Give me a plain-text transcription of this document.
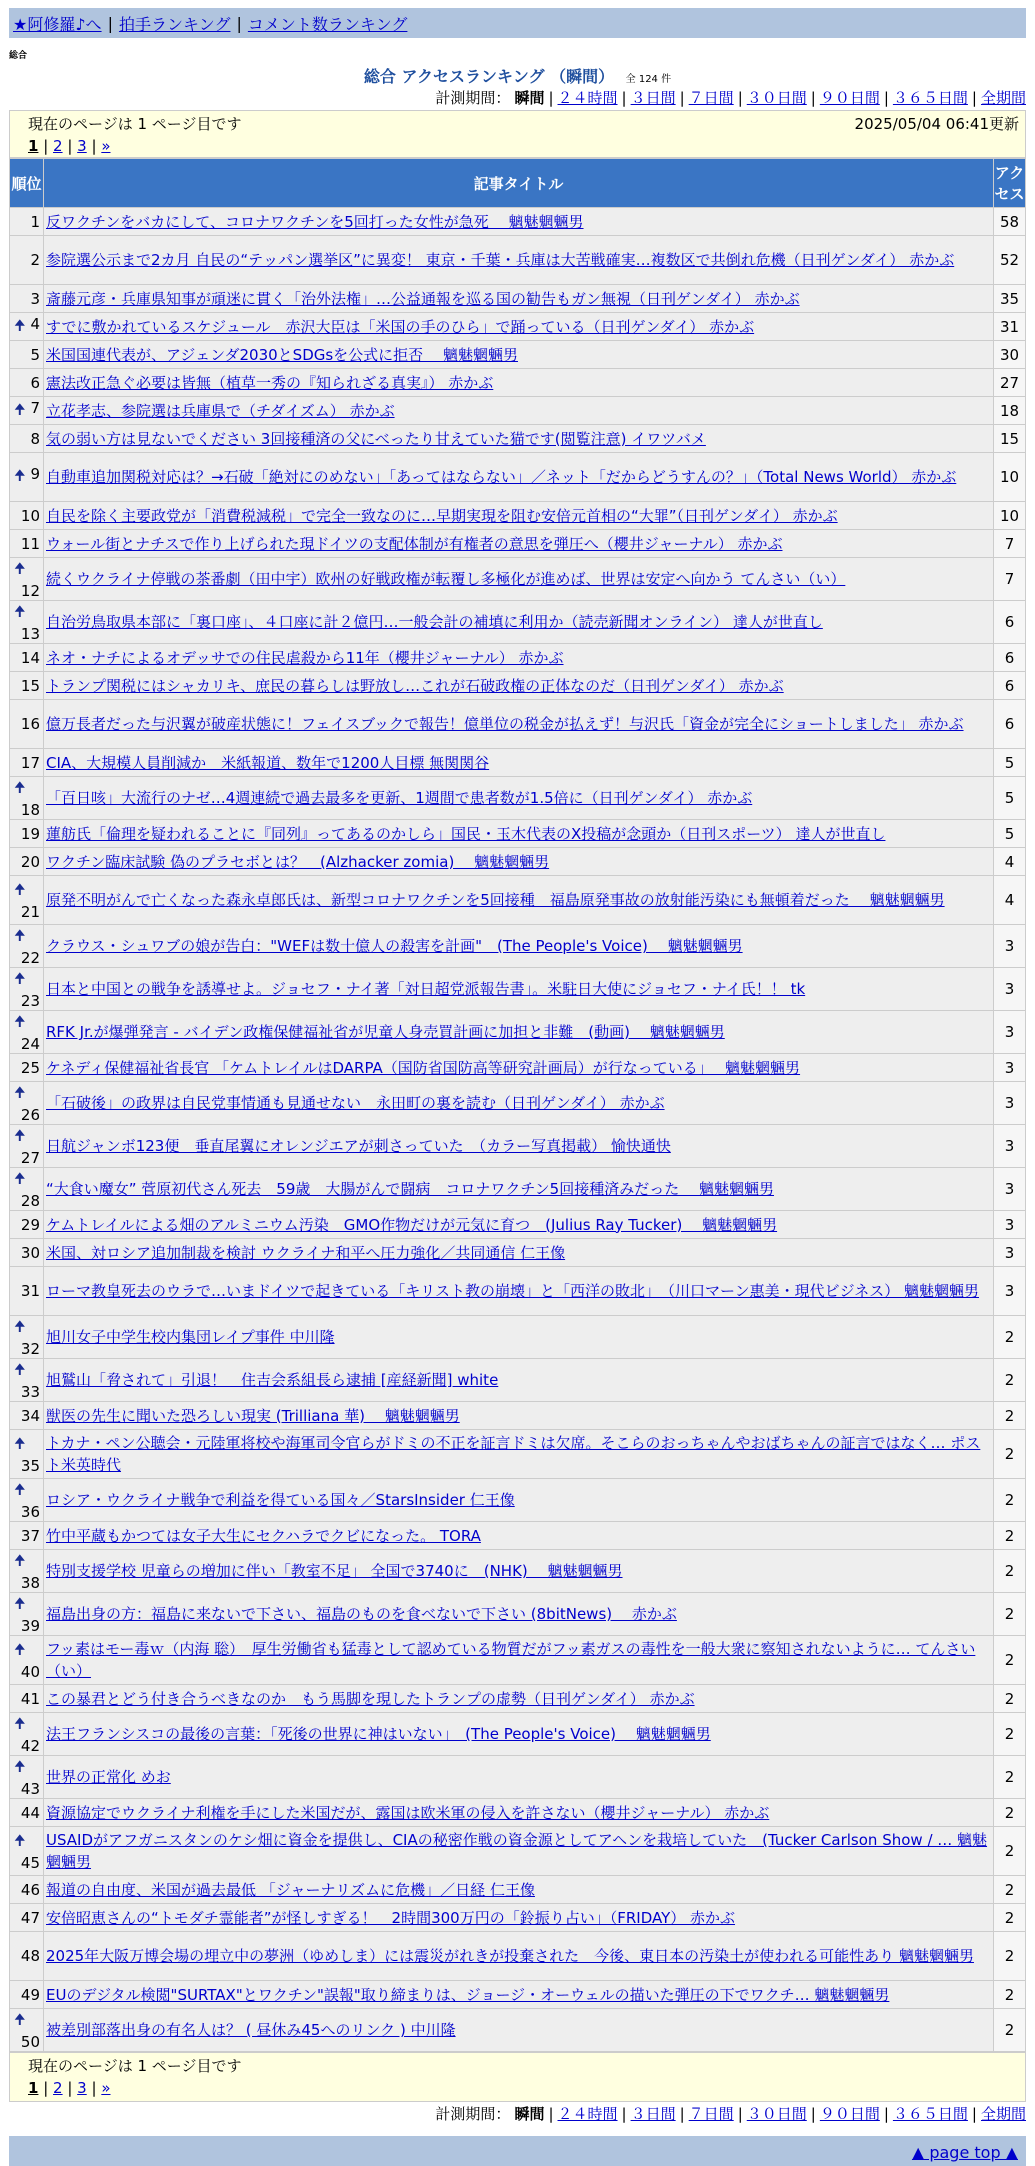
★阿修羅♪へ | 拍手ランキング | コメント数ランキング
総合
総合 アクセスランキング （瞬間） 全 124 件
計測期間： 瞬間 | ２４時間 | ３日間 | ７日間 | ３０日間 | ９０日間 | ３６５日間 | 全期間
現在のページは 1 ページ目です	2025/05/04 06:41更新
1 | 2 | 3 | »
順位	記事タイトル	アクセス
1	反ワクチンをバカにして、コロナワクチンを5回打った女性が急死　 魑魅魍魎男	58
2	参院選公示まで2カ月 自民の“テッパン選挙区”に異変！ 東京・千葉・兵庫は大苦戦確実…複数区で共倒れ危機（日刊ゲンダイ） 赤かぶ	52
3	斎藤元彦・兵庫県知事が頑迷に貫く「治外法権」…公益通報を巡る国の勧告もガン無視（日刊ゲンダイ） 赤かぶ	35

🠉 4	すでに敷かれているスケジュール　赤沢大臣は「米国の手のひら」で踊っている（日刊ゲンダイ） 赤かぶ	31
5	米国国連代表が、アジェンダ2030とSDGsを公式に拒否　 魑魅魍魎男	30
6	憲法改正急ぐ必要は皆無（植草一秀の『知られざる真実』） 赤かぶ	27

🠉 7	立花孝志、参院選は兵庫県で（チダイズム） 赤かぶ	18
8	気の弱い方は見ないでください 3回接種済の父にべったり甘えていた猫です(閲覧注意) イワツバメ	15

🠉 9	自動車追加関税対応は？→石破「絶対にのめない」「あってはならない」／ネット「だからどうすんの？」（Total News World） 赤かぶ	10
10	自民を除く主要政党が「消費税減税」で完全一致なのに…早期実現を阻む安倍元首相の“大罪”（日刊ゲンダイ） 赤かぶ	10
11	ウォール街とナチスで作り上げられた現ドイツの支配体制が有権者の意思を弾圧へ（櫻井ジャーナル） 赤かぶ	7

🠉
12	続くウクライナ停戦の茶番劇（田中宇）欧州の好戦政権が転覆し多極化が進めば、世界は安定へ向かう てんさい（い）	7

🠉
13	自治労鳥取県本部に「裏口座」、４口座に計２億円…一般会計の補填に利用か（読売新聞オンライン） 達人が世直し	6
14	ネオ・ナチによるオデッサでの住民虐殺から11年（櫻井ジャーナル） 赤かぶ	6
15	トランプ関税にはシャカリキ、庶民の暮らしは野放し…これが石破政権の正体なのだ（日刊ゲンダイ） 赤かぶ	6
16	億万長者だった与沢翼が破産状態に！フェイスブックで報告！億単位の税金が払えず！与沢氏「資金が完全にショートしました」 赤かぶ	6
17	CIA、大規模人員削減か　米紙報道、数年で1200人目標 無関関谷	5

🠉
18	「百日咳」大流行のナゼ…4週連続で過去最多を更新、1週間で患者数が1.5倍に（日刊ゲンダイ） 赤かぶ	5
19	蓮舫氏「倫理を疑われることに『同列』ってあるのかしら」国民・玉木代表のX投稿が念頭か（日刊スポーツ） 達人が世直し	5
20	ワクチン臨床試験 偽のプラセボとは？　(Alzhacker zomia)　 魑魅魍魎男	4

🠉
21	原発不明がんで亡くなった森永卓郎氏は、新型コロナワクチンを5回接種　福島原発事故の放射能汚染にも無頓着だった　 魑魅魍魎男	4

🠉
22	クラウス・シュワブの娘が告白："WEFは数十億人の殺害を計画"　(The People's Voice)　 魑魅魍魎男	3

🠉
23	日本と中国との戦争を誘導せよ。ジョセフ・ナイ著「対日超党派報告書」。米駐日大使にジョセフ・ナイ氏！！ tk	3

🠉
24	RFK Jr.が爆弾発言 - バイデン政権保健福祉省が児童人身売買計画に加担と非難　(動画)　 魑魅魍魎男	3
25	ケネディ保健福祉省長官 「ケムトレイルはDARPA（国防省国防高等研究計画局）が行なっている」　 魑魅魍魎男	3

🠉
26	「石破後」の政界は自民党事情通も見通せない　永田町の裏を読む（日刊ゲンダイ） 赤かぶ	3

🠉
27	日航ジャンボ123便　垂直尾翼にオレンジエアが刺さっていた　（カラー写真掲載） 愉快通快	3

🠉
28	“大食い魔女” 菅原初代さん死去　59歳　大腸がんで闘病　コロナワクチン5回接種済みだった　 魑魅魍魎男	3
29	ケムトレイルによる畑のアルミニウム汚染　GMO作物だけが元気に育つ　(Julius Ray Tucker)　 魑魅魍魎男	3
30	米国、対ロシア追加制裁を検討 ウクライナ和平へ圧力強化／共同通信 仁王像	3
31	ローマ教皇死去のウラで…いまドイツで起きている「キリスト教の崩壊」と「西洋の敗北」　（川口マーン惠美・現代ビジネス） 魑魅魍魎男	3

🠉
32	旭川女子中学生校内集団レイプ事件 中川隆	2

🠉
33	旭鷲山「脅されて」引退！　住吉会系組長ら逮捕 [産経新聞] white	2
34	獣医の先生に聞いた恐ろしい現実 (Trilliana 華)　 魑魅魍魎男	2

🠉
35	トカナ・ペン公聴会・元陸軍将校や海軍司令官らがドミの不正を証言ドミは欠席。そこらのおっちゃんやおばちゃんの証言ではなく… ポスト米英時代	2

🠉
36	ロシア・ウクライナ戦争で利益を得ている国々／StarsInsider 仁王像	2
37	竹中平蔵もかつては女子大生にセクハラでクビになった。 TORA	2

🠉
38	特別支援学校 児童らの増加に伴い「教室不足」 全国で3740に　(NHK)　 魑魅魍魎男	2

🠉
39	福島出身の方：福島に来ないで下さい、福島のものを食べないで下さい (8bitNews)　 赤かぶ	2

🠉
40	フッ素はモー毒ｗ（内海 聡）　厚生労働省も猛毒として認めている物質だがフッ素ガスの毒性を一般大衆に察知されないように… てんさい（い）	2
41	この暴君とどう付き合うべきなのか　もう馬脚を現したトランプの虚勢（日刊ゲンダイ） 赤かぶ	2

🠉
42	法王フランシスコの最後の言葉：「死後の世界に神はいない」　(The People's Voice)　 魑魅魍魎男	2

🠉
43	世界の正常化 めお	2
44	資源協定でウクライナ利権を手にした米国だが、露国は欧米軍の侵入を許さない（櫻井ジャーナル） 赤かぶ	2

🠉
45	USAIDがアフガニスタンのケシ畑に資金を提供し、CIAの秘密作戦の資金源としてアヘンを栽培していた　(Tucker Carlson Show / … 魑魅魍魎男	2
46	報道の自由度、米国が過去最低 「ジャーナリズムに危機」／日経 仁王像	2
47	安倍昭恵さんの“トモダチ霊能者”が怪しすぎる！　2時間300万円の「鈴振り占い」（FRIDAY） 赤かぶ	2
48	2025年大阪万博会場の埋立中の夢洲（ゆめしま）には震災がれきが投棄された　今後、東日本の汚染土が使われる可能性あり 魑魅魍魎男	2
49	EUのデジタル検閲"SURTAX"とワクチン"誤報"取り締まりは、ジョージ・オーウェルの描いた弾圧の下でワクチ… 魑魅魍魎男	2

🠉
50	被差別部落出身の有名人は？ ( 昼休み45へのリンク ) 中川隆	2
現在のページは 1 ページ目です
1 | 2 | 3 | »
計測期間： 瞬間 | ２４時間 | ３日間 | ７日間 | ３０日間 | ９０日間 | ３６５日間 | 全期間
▲ page top ▲
